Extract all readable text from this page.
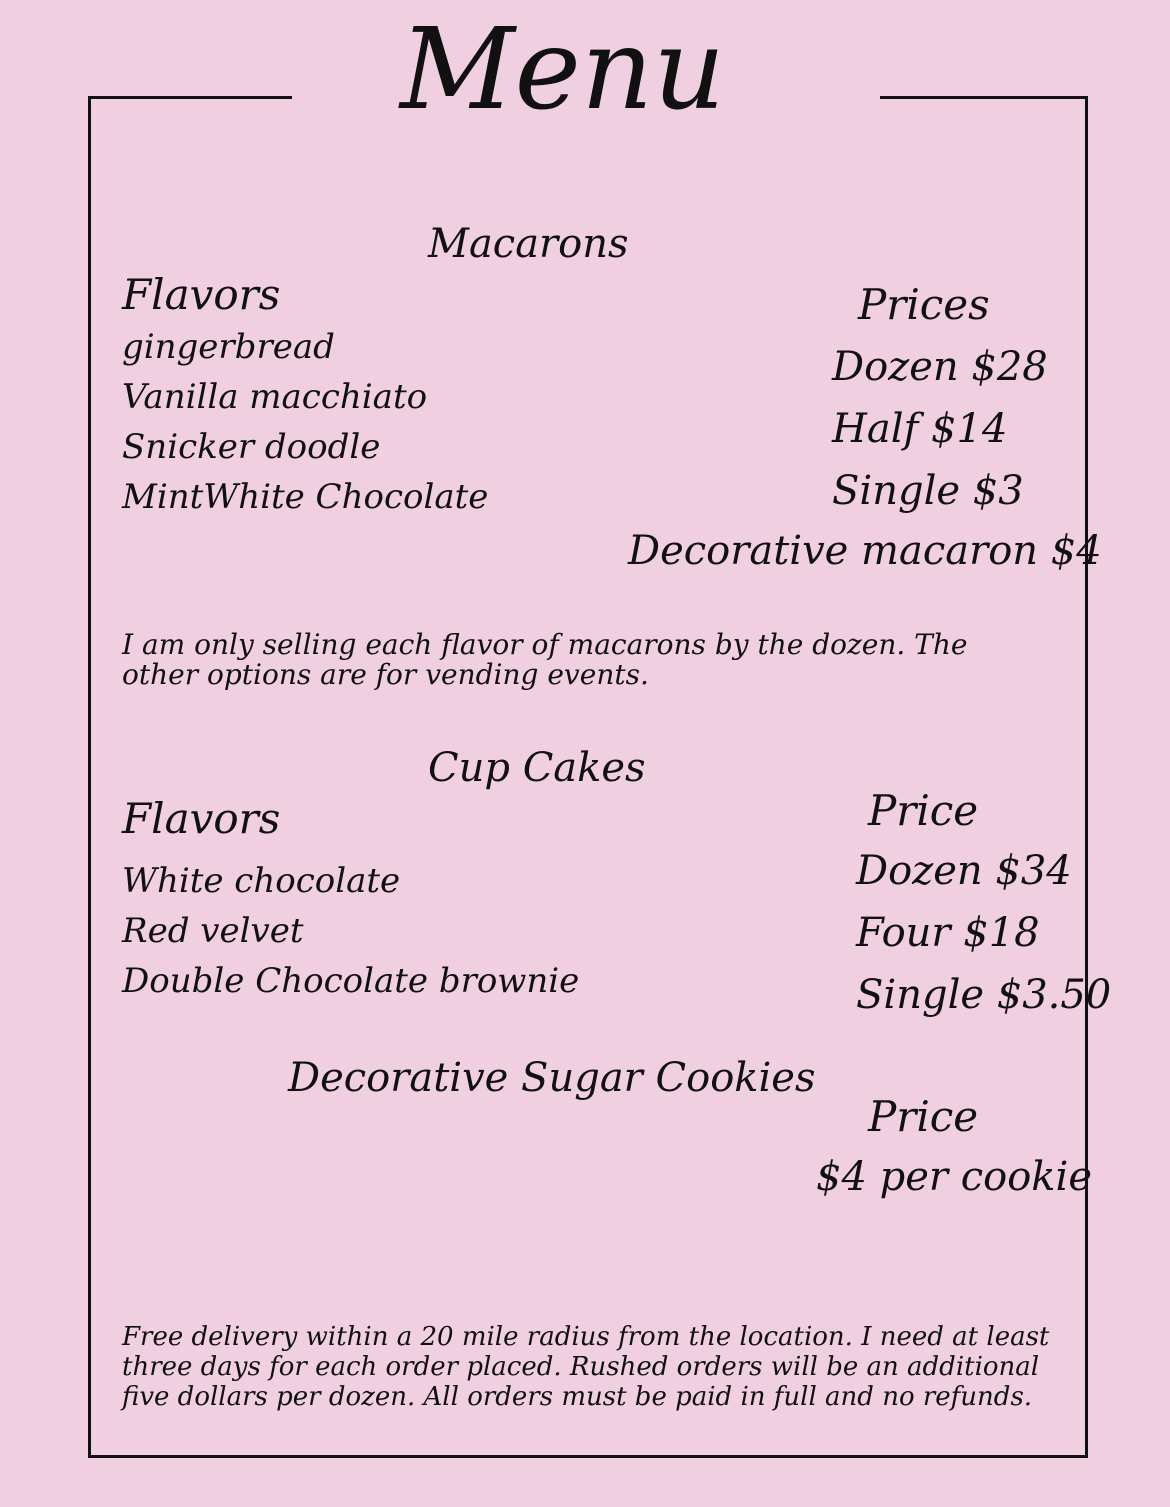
Menu
Macarons
Flavors
gingerbread
Vanilla macchiato
Snicker doodle
MintWhite Chocolate
Prices
Dozen $28
Half $14
Single $3
Decorative macaron $4
I am only selling each flavor of macarons by the dozen. The other options are for vending events.
Cup Cakes
Flavors
White chocolate
Red velvet
Double Chocolate brownie
Price
Dozen $34
Four $18
Single $3.50
Decorative Sugar Cookies
Price
$4 per cookie
Free delivery within a 20 mile radius from the location. I need at least three days for each order placed. Rushed orders will be an additional five dollars per dozen. All orders must be paid in full and no refunds.
